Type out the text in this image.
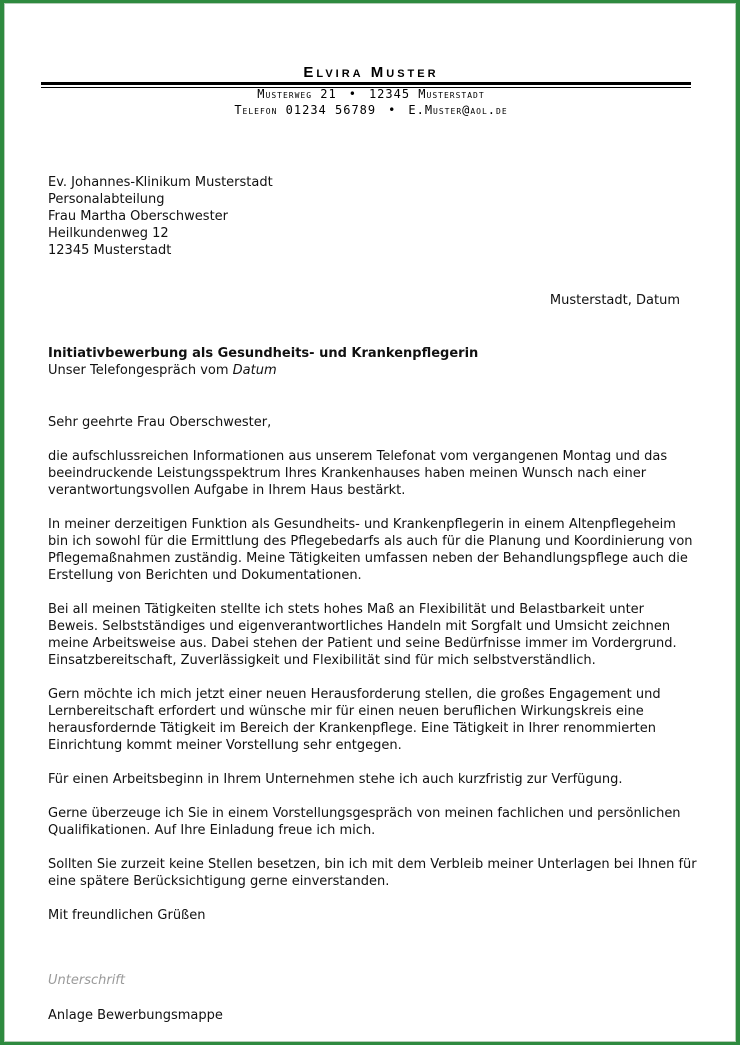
Elvira Muster
Musterweg 21 • 12345 Musterstadt
Telefon 01234 56789 • E.Muster@aol.de
Ev. Johannes-Klinikum Musterstadt
Personalabteilung
Frau Martha Oberschwester
Heilkundenweg 12
12345 Musterstadt
Musterstadt, Datum
Initiativbewerbung als Gesundheits- und Krankenpflegerin
Unser Telefongespräch vom Datum

Sehr geehrte Frau Oberschwester,

die aufschlussreichen Informationen aus unserem Telefonat vom vergangenen Montag und das beeindruckende Leistungsspektrum Ihres Krankenhauses haben meinen Wunsch nach einer verantwortungsvollen Aufgabe in Ihrem Haus bestärkt.

In meiner derzeitigen Funktion als Gesundheits- und Krankenpflegerin in einem Altenpflegeheim bin ich sowohl für die Ermittlung des Pflegebedarfs als auch für die Planung und Koordinierung von Pflegemaßnahmen zuständig. Meine Tätigkeiten umfassen neben der Behandlungspflege auch die Erstellung von Berichten und Dokumentationen.

Bei all meinen Tätigkeiten stellte ich stets hohes Maß an Flexibilität und Belastbarkeit unter Beweis. Selbstständiges und eigenverantwortliches Handeln mit Sorgfalt und Umsicht zeichnen meine Arbeitsweise aus. Dabei stehen der Patient und seine Bedürfnisse immer im Vordergrund. Einsatzbereitschaft, Zuverlässigkeit und Flexibilität sind für mich selbstverständlich.

Gern möchte ich mich jetzt einer neuen Herausforderung stellen, die großes Engagement und Lernbereitschaft erfordert und wünsche mir für einen neuen beruflichen Wirkungskreis eine herausfordernde Tätigkeit im Bereich der Krankenpflege. Eine Tätigkeit in Ihrer renommierten Einrichtung kommt meiner Vorstellung sehr entgegen.

Für einen Arbeitsbeginn in Ihrem Unternehmen stehe ich auch kurzfristig zur Verfügung.

Gerne überzeuge ich Sie in einem Vorstellungsgespräch von meinen fachlichen und persönlichen Qualifikationen. Auf Ihre Einladung freue ich mich.

Sollten Sie zurzeit keine Stellen besetzen, bin ich mit dem Verbleib meiner Unterlagen bei Ihnen für eine spätere Berücksichtigung gerne einverstanden.

Mit freundlichen Grüßen

Unterschrift
Anlage Bewerbungsmappe
